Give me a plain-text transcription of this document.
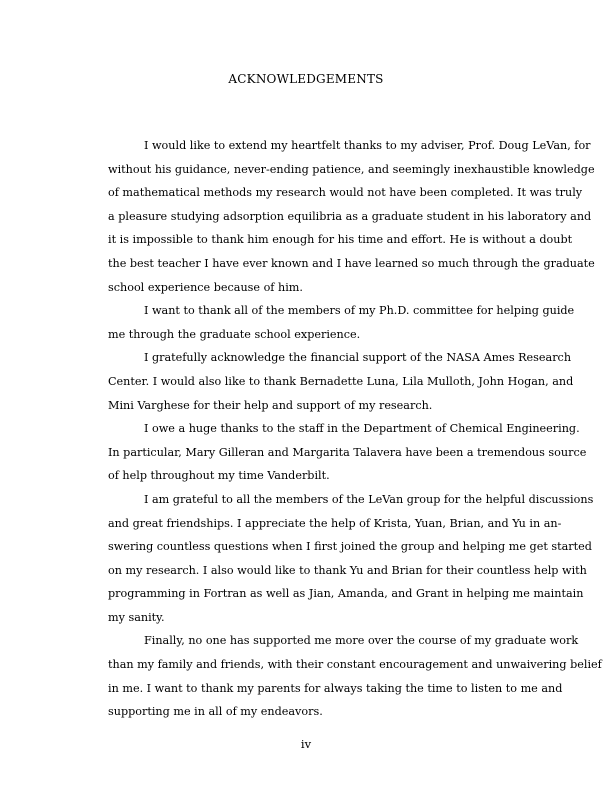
ACKNOWLEDGEMENTS
I would like to extend my heartfelt thanks to my adviser, Prof. Doug LeVan, for
without his guidance, never-ending patience, and seemingly inexhaustible knowledge
of mathematical methods my research would not have been completed. It was truly
a pleasure studying adsorption equilibria as a graduate student in his laboratory and
it is impossible to thank him enough for his time and effort. He is without a doubt
the best teacher I have ever known and I have learned so much through the graduate
school experience because of him.
I want to thank all of the members of my Ph.D. committee for helping guide
me through the graduate school experience.
I gratefully acknowledge the financial support of the NASA Ames Research
Center. I would also like to thank Bernadette Luna, Lila Mulloth, John Hogan, and
Mini Varghese for their help and support of my research.
I owe a huge thanks to the staff in the Department of Chemical Engineering.
In particular, Mary Gilleran and Margarita Talavera have been a tremendous source
of help throughout my time Vanderbilt.
I am grateful to all the members of the LeVan group for the helpful discussions
and great friendships. I appreciate the help of Krista, Yuan, Brian, and Yu in an-
swering countless questions when I first joined the group and helping me get started
on my research. I also would like to thank Yu and Brian for their countless help with
programming in Fortran as well as Jian, Amanda, and Grant in helping me maintain
my sanity.
Finally, no one has supported me more over the course of my graduate work
than my family and friends, with their constant encouragement and unwaivering belief
in me. I want to thank my parents for always taking the time to listen to me and
supporting me in all of my endeavors.
iv
